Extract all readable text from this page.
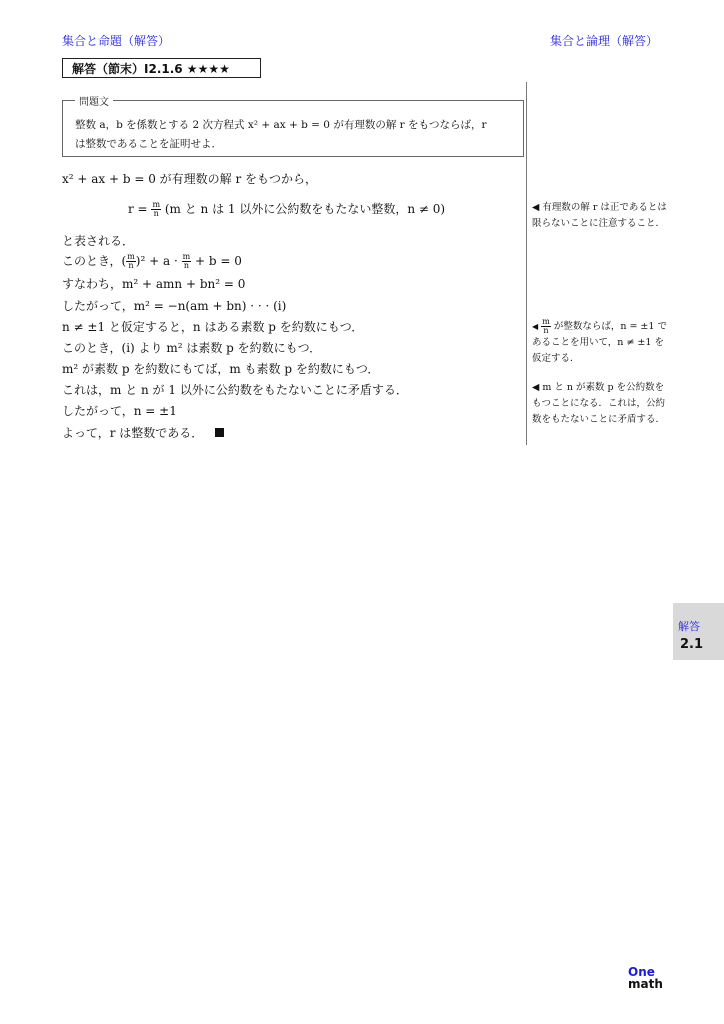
集合と命題（解答）	集合と論理（解答）
解答（節末）I2.1.6 ★★★★
問題文
整数 a，b を係数とする 2 次方程式 x² + ax + b = 0 が有理数の解 r をもつならば，r
は整数であることを証明せよ．
x² + ax + b = 0 が有理数の解 r をもつから，
$r = \frac{m}{n} (m$ と n は 1 以外に公約数をもたない整数，n ≠ 0)
と表される．
このとき，( $\frac{m}{n} )^2 + a \cdot \frac{m}{n} + b = 0$
すなわち，m² + amn + bn² = 0
したがって，m² = −n(am + bn) · · · (i)
n ≠ ±1 と仮定すると，n はある素数 p を約数にもつ．
このとき，(i) より m² は素数 p を約数にもつ．
m² が素数 p を約数にもてば，m も素数 p を約数にもつ．
これは，m と n が 1 以外に公約数をもたないことに矛盾する．
したがって，n = ±1
よって，r は整数である．
◀ 有理数の解 r は正であるとは限らないことに注意すること．
◀ $\frac{m}{n}$ が整数ならば，n = ±1 であることを用いて，n ≠ ±1 を仮定する．
◀ m と n が素数 p を公約数をもつことになる．これは，公約数をもたないことに矛盾する．
解答
2.1
One
math
